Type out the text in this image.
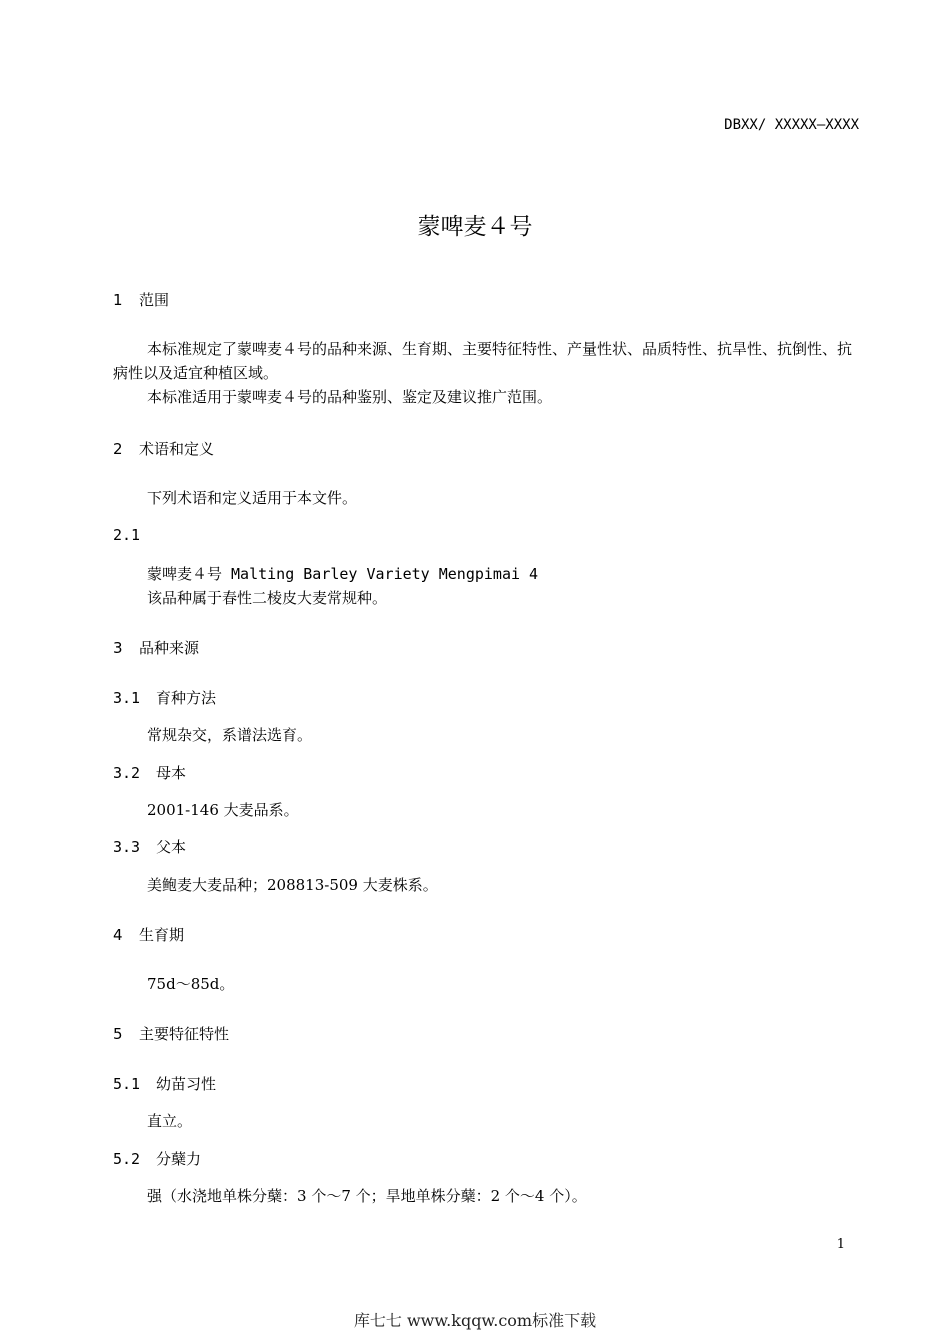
DBXX/ XXXXX—XXXX
蒙啤麦４号
1 范围

本标准规定了蒙啤麦４号的品种来源、生育期、主要特征特性、产量性状、品质特性、抗旱性、抗倒性、抗病性以及适宜种植区域。

本标准适用于蒙啤麦４号的品种鉴别、鉴定及建议推广范围。

2 术语和定义
下列术语和定义适用于本文件。
2.1
蒙啤麦４号 Malting Barley Variety Mengpimai 4
该品种属于春性二棱皮大麦常规种。
3 品种来源
3.1 育种方法
常规杂交，系谱法选育。
3.2 母本
2001-146 大麦品系。
3.3 父本
美鲍麦大麦品种；208813-509 大麦株系。
4 生育期
75d～85d。
5 主要特征特性
5.1 幼苗习性
直立。
5.2 分蘖力
强（水浇地单株分蘖：3 个～7 个；旱地单株分蘖：2 个～4 个）。
1
库七七 www.kqqw.com标准下载
